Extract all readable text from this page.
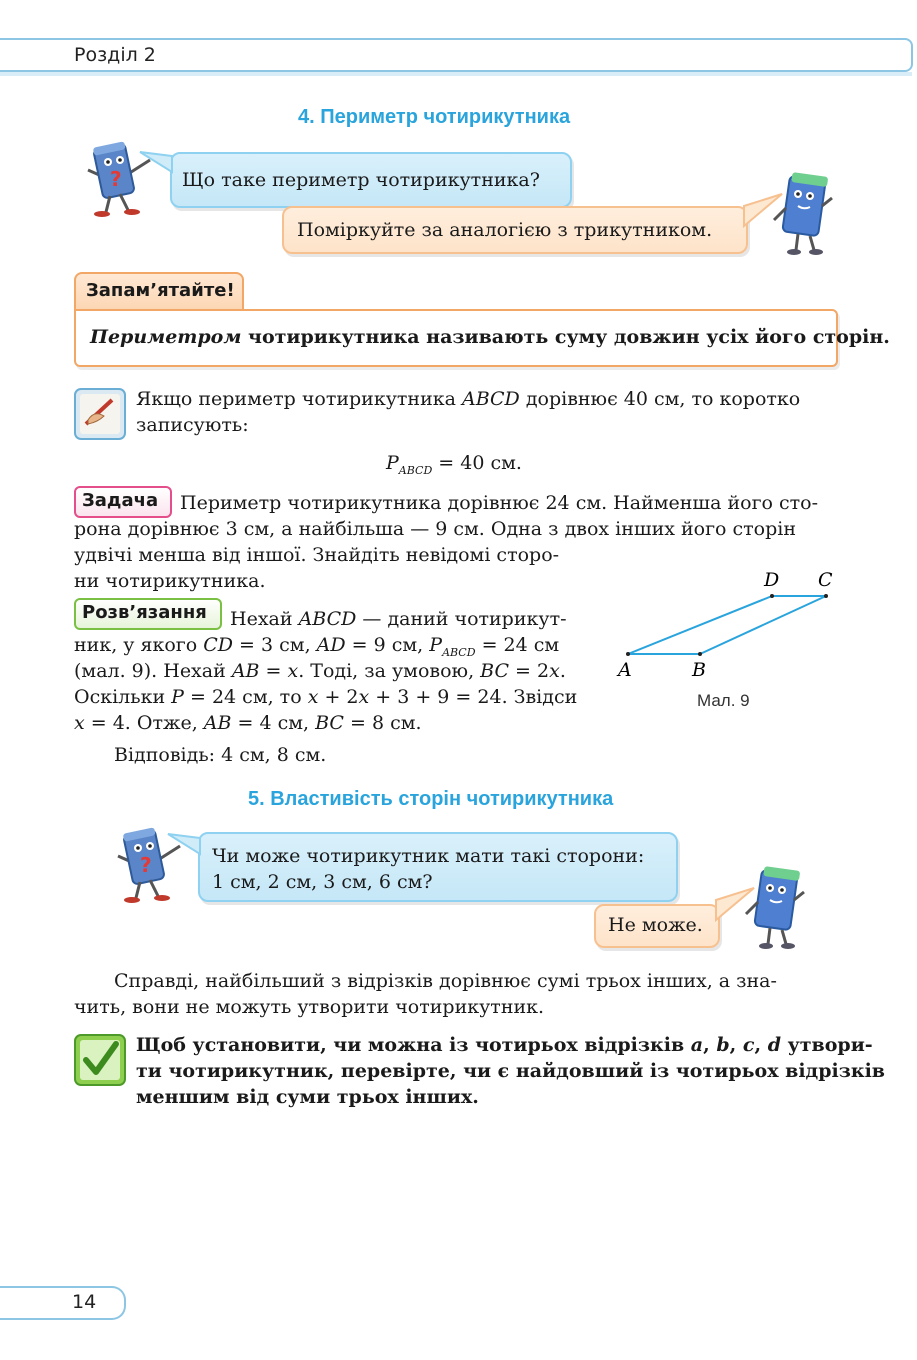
Розділ 2
4. Периметр чотирикутника
?	Що таке периметр чотирикутника?
Поміркуйте за аналогією з трикутником.
Запам’ятайте!
Периметром чотирикутника називають суму довжин усіх його сторін.
Якщо периметр чотирикутника ABCD дорівнює 40 см, то коротко
записують:
$P_{ABCD} = 40$ см.
Задача Периметр чотирикутника дорівнює 24 см. Найменша його сто-
рона дорівнює 3 см, а найбільша — 9 см. Одна з двох інших його сторін
удвічі менша від іншої. Знайдіть невідомі сторо-
ни чотирикутника.
Розв’язання Нехай ABCD — даний чотирикут-
ник, у якого CD = 3 см, AD = 9 см, $P_{ABCD} = 24$ см
(мал. 9). Нехай AB = x. Тоді, за умовою, BC = 2x.
Оскільки P = 24 см, то x + 2x + 3 + 9 = 24. Звідси
x = 4. Отже, AB = 4 см, BC = 8 см.
Відповідь: 4 см, 8 см.
A	B
D C
Мал. 9
5. Властивість сторін чотирикутника
?	Чи може чотирикутник мати такі сторони:
1 см, 2 см, 3 см, 6 см?
Не може.
Справді, найбільший з відрізків дорівнює сумі трьох інших, а зна-
чить, вони не можуть утворити чотирикутник.
Щоб установити, чи можна із чотирьох відрізків a, b, c, d утвори-
ти чотирикутник, перевірте, чи є найдовший із чотирьох відрізків
меншим від суми трьох інших.
14
